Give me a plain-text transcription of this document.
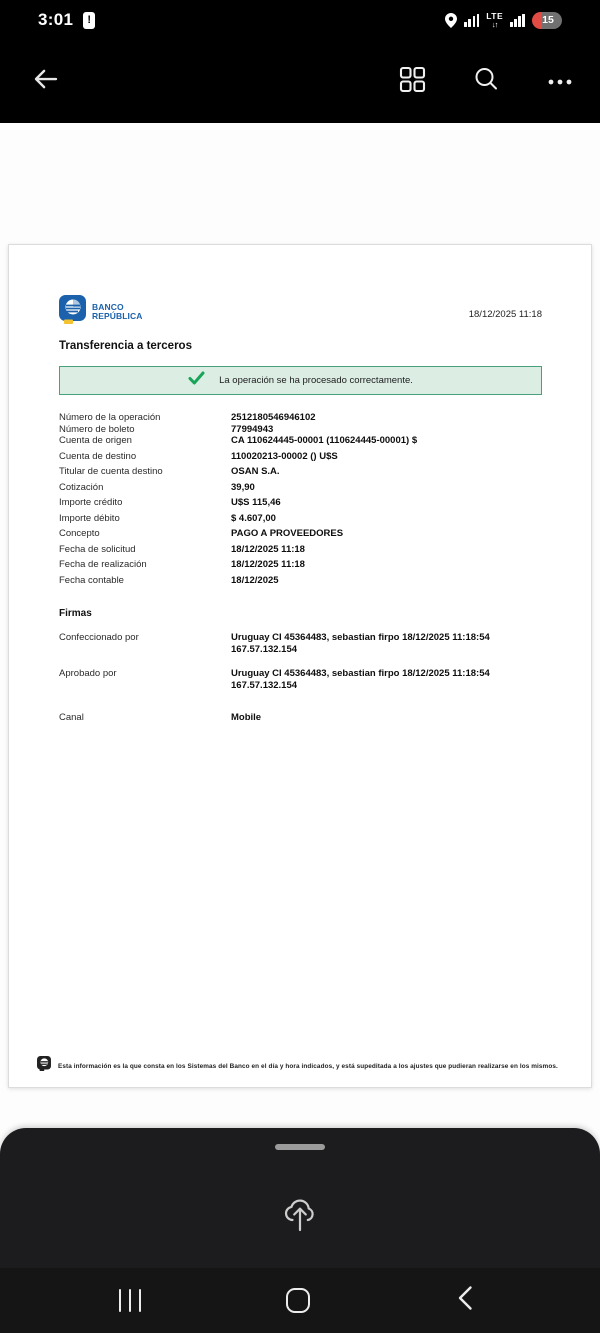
3:01 !	LTE
↓↑	15
BANCO
REPÚBLICA	18/12/2025 11:18
Transferencia a terceros
La operación se ha procesado correctamente.
Número de la operación	2512180546946102
Número de boleto	77994943
Cuenta de origen	CA 110624445-00001 (110624445-00001) $
Cuenta de destino	110020213-00002 () U$S
Titular de cuenta destino	OSAN S.A.
Cotización	39,90
Importe crédito	U$S 115,46
Importe débito	$ 4.607,00
Concepto	PAGO A PROVEEDORES
Fecha de solicitud	18/12/2025 11:18
Fecha de realización	18/12/2025 11:18
Fecha contable	18/12/2025
Firmas
Confeccionado por	Uruguay CI 45364483, sebastian firpo 18/12/2025 11:18:54 167.57.132.154
Aprobado por	Uruguay CI 45364483, sebastian firpo 18/12/2025 11:18:54 167.57.132.154
Canal	Mobile
Esta información es la que consta en los Sistemas del Banco en el día y hora indicados, y está supeditada a los ajustes que pudieran realizarse en los mismos.
